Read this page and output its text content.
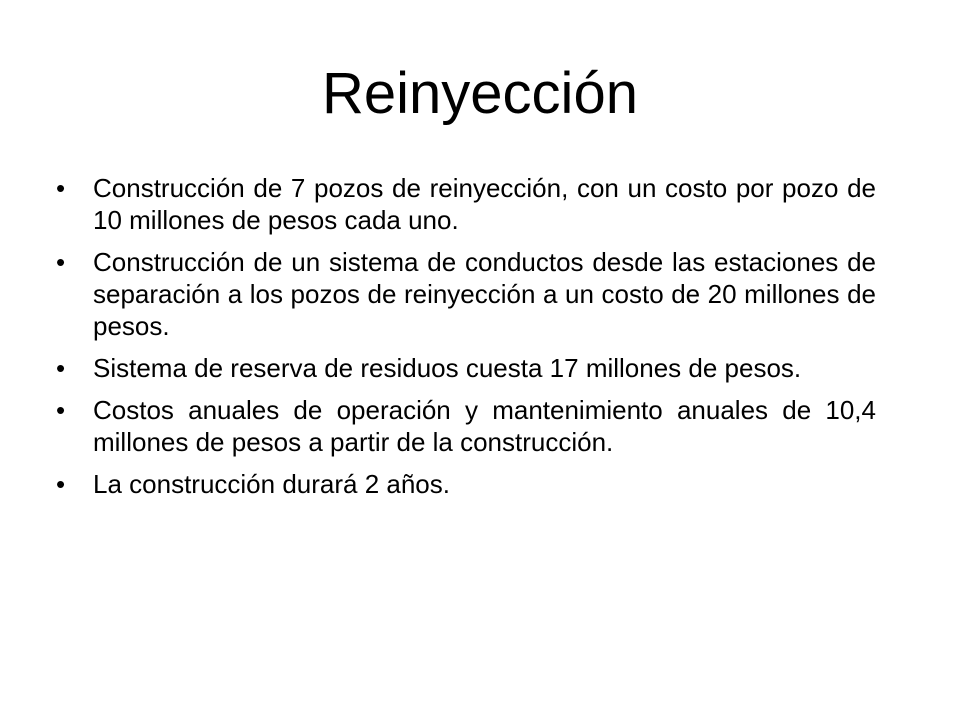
Reinyección
•	Construcción de 7 pozos de reinyección, con un costo por pozo de 10 millones de pesos cada uno.
•	Construcción de un sistema de conductos desde las estaciones de separación a los pozos de reinyección a un costo de 20 millones de pesos.
•	Sistema de reserva de residuos cuesta 17 millones de pesos.
•	Costos anuales de operación y mantenimiento anuales de 10,4 millones de pesos a partir de la construcción.
•	La construcción durará 2 años.
